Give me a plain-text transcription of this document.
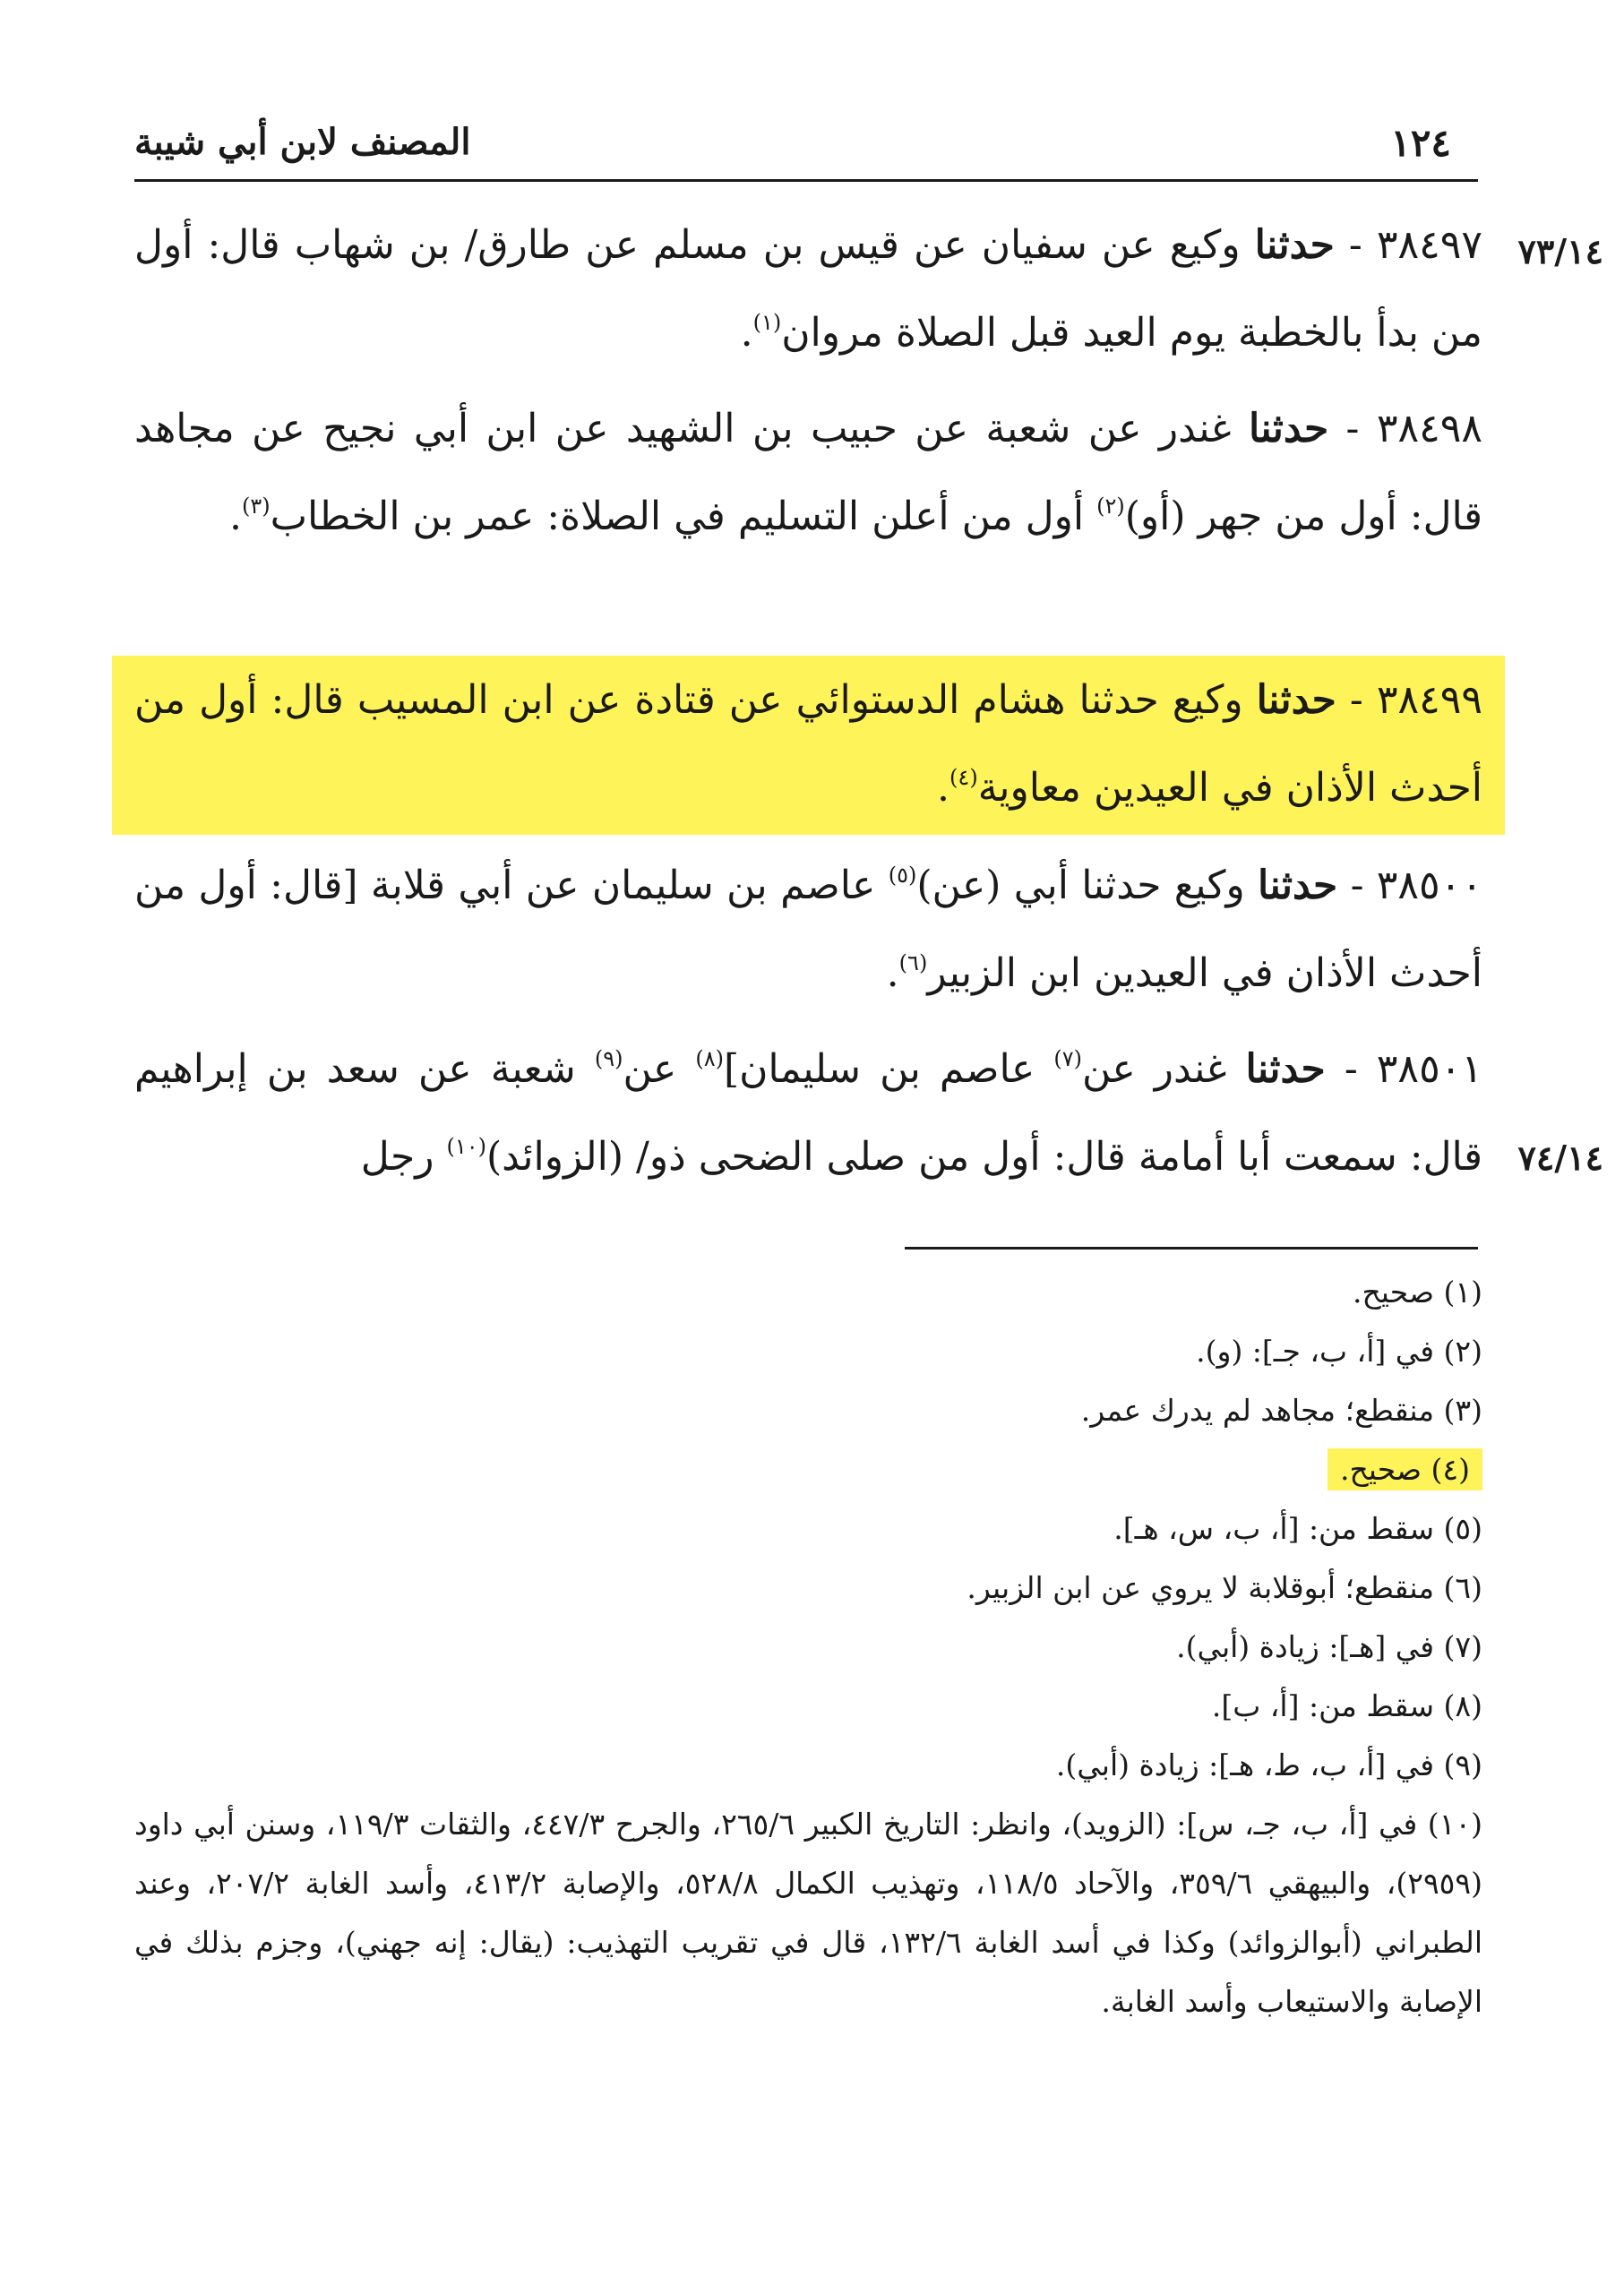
المصنف لابن أبي شيبة	١٢٤
٧٣/١٤
٧٤/١٤
٣٨٤٩٧ - حدثنا وكيع عن سفيان عن قيس بن مسلم عن طارق/ بن شهاب قال: أول من بدأ بالخطبة يوم العيد قبل الصلاة مروان$^{(١)}$.
٣٨٤٩٨ - حدثنا غندر عن شعبة عن حبيب بن الشهيد عن ابن أبي نجيح عن مجاهد قال: أول من جهر (أو)$^{(٢)}$ أول من أعلن التسليم في الصلاة: عمر بن الخطاب$^{(٣)}$.
٣٨٤٩٩ - حدثنا وكيع حدثنا هشام الدستوائي عن قتادة عن ابن المسيب قال: أول من أحدث الأذان في العيدين معاوية$^{(٤)}$.
٣٨٥٠٠ - حدثنا وكيع حدثنا أبي (عن)$^{(٥)}$ عاصم بن سليمان عن أبي قلابة [قال: أول من أحدث الأذان في العيدين ابن الزبير$^{(٦)}$.
٣٨٥٠١ - حدثنا غندر عن$^{(٧)}$ عاصم بن سليمان]$^{(٨)}$ عن$^{(٩)}$ شعبة عن سعد بن إبراهيم قال: سمعت أبا أمامة قال: أول من صلى الضحى ذو/ (الزوائد)$^{(١٠)}$ رجل
(١) صحيح.
(٢) في [أ، ب، جـ]: (و).
(٣) منقطع؛ مجاهد لم يدرك عمر.
(٤) صحيح.
(٥) سقط من: [أ، ب، س، هـ].
(٦) منقطع؛ أبوقلابة لا يروي عن ابن الزبير.
(٧) في [هـ]: زيادة (أبي).
(٨) سقط من: [أ، ب].
(٩) في [أ، ب، ط، هـ]: زيادة (أبي).
(١٠) في [أ، ب، جـ، س]: (الزويد)، وانظر: التاريخ الكبير ٢٦٥/٦، والجرح ٤٤٧/٣، والثقات ١١٩/٣، وسنن أبي داود (٢٩٥٩)، والبيهقي ٣٥٩/٦، والآحاد ١١٨/٥، وتهذيب الكمال ٥٢٨/٨، والإصابة ٤١٣/٢، وأسد الغابة ٢٠٧/٢، وعند الطبراني (أبوالزوائد) وكذا في أسد الغابة ١٣٢/٦، قال في تقريب التهذيب: (يقال: إنه جهني)، وجزم بذلك في الإصابة والاستيعاب وأسد الغابة.
